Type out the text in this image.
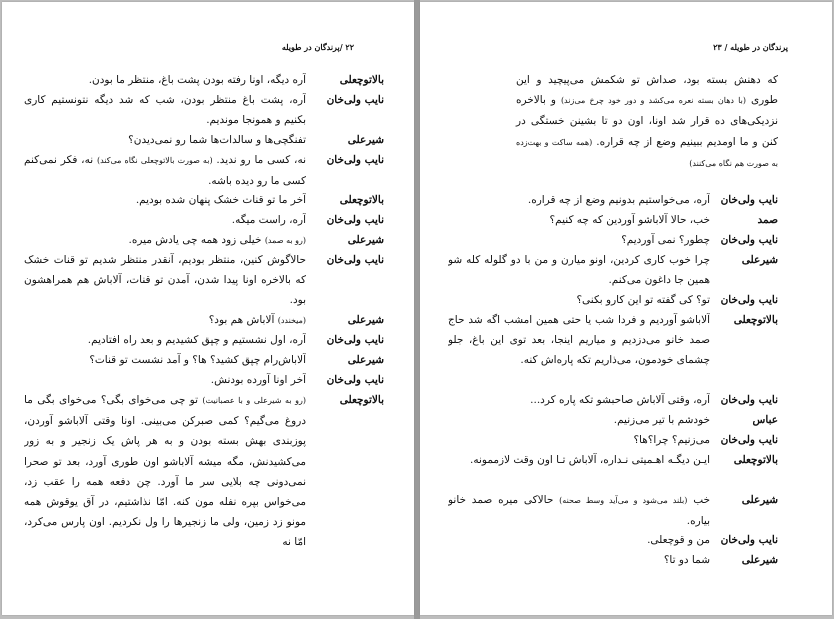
۲۲ /پرندگان در طویله
بالاتوچعلی
آره دیگه، اونا رفته بودن پشت باغ، منتظر ما بودن.
نایب ولی‌خان
آره، پشت باغ منتظر بودن، شب که شد دیگه نتونستیم کاری بکنیم و همونجا موندیم.
شیرعلی
تفنگچی‌ها و سالدات‌ها شما رو نمی‌دیدن؟
نایب ولی‌خان
نه، کسی ما رو ندید. (به صورت بالاتوچعلی نگاه می‌کند) نه، فکر نمی‌کنم کسی ما رو دیده باشه.
بالاتوچعلی
آخر ما تو قنات خشک پنهان شده بودیم.
نایب ولی‌خان
آره، راست میگه.
شیرعلی
(رو به صمد) خیلی زود همه چی یادش میره.
نایب ولی‌خان
حالاگوش کنین، منتظر بودیم، آنقدر منتظر شدیم تو قنات خشک که بالاخره اونا پیدا شدن، آمدن تو قنات، آلاباش هم همراهشون بود.
شیرعلی
(میخندد) آلاباش هم بود؟
نایب ولی‌خان
آره، اول نشستیم و چپق کشیدیم و بعد راه افتادیم.
شیرعلی
آلاباش‌رام چپق کشید؟ ها؟ و آمد نشست تو قنات؟
نایب ولی‌خان
آخر اونا آورده بودنش.
بالاتوچعلی
(رو به شیرعلی و با عصبانیت) تو چی می‌خوای بگی؟ می‌خوای بگی ما دروغ می‌گیم؟ کمی صبرکن می‌بینی. اونا وقتی آلاباشو آوردن، پوزبندی بهش بسته بودن و به هر پاش یک زنجیر و به زور می‌کشیدنش، مگه میشه آلاباشو اون طوری آورد، بعد تو صحرا نمی‌دونی چه بلایی سر ما آورد. چن دفعه همه را عقب زد، می‌خواس بپره نفله مون کنه. امّا نذاشتیم، در آق یوقوش همه مونو زد زمین، ولی ما زنجیرها را ول نکردیم. اون پارس می‌کرد، امّا نه
پرندگان در طویله / ۲۳
که دهنش بسته بود، صداش تو شکمش می‌پیچید و این طوری (با دهان بسته نعره می‌کشد و دور خود چرخ می‌زند) و بالاخره نزدیکی‌های ده قرار شد اونا، اون دو تا بشینن خستگی در کنن و ما اومدیم ببینیم وضع از چه قراره. (همه ساکت و بهت‌زده به صورت هم نگاه می‌کنند)
نایب ولی‌خان
آره، می‌خواستیم بدونیم وضع از چه قراره.
صمد
خب، حالا آلاباشو آوردین که چه کنیم؟
نایب ولی‌خان
چطور؟ نمی آوردیم؟
شیرعلی
چرا خوب کاری کردین، اونو میارن و من با دو گلوله کله شو همین جا داغون می‌کنم.
نایب ولی‌خان
تو؟ کی گفته تو این کارو بکنی؟
بالاتوچعلی
آلاباشو آوردیم و فردا شب یا حتی همین امشب اگه شد حاج صمد خانو می‌دزدیم و میاریم اینجا، بعد توی این باغ، جلو چشمای خودمون، می‌ذاریم تکه پاره‌اش کنه.
نایب ولی‌خان
آره، وقتی آلاباش صاحبشو تکه پاره کرد...
عباس
خودشم با تیر می‌زنیم.
نایب ولی‌خان
می‌زنیم؟ چرا؟ها؟
بالاتوچعلی
ایـن دیگـه اهـمیتی نـداره، آلاباش تـا اون وقت لازممونه.
شیرعلی
خب (بلند می‌شود و می‌آید وسط صحنه) حالاکی میره صمد خانو بیاره.
نایب ولی‌خان
من و قوچعلی.
شیرعلی
شما دو تا؟
